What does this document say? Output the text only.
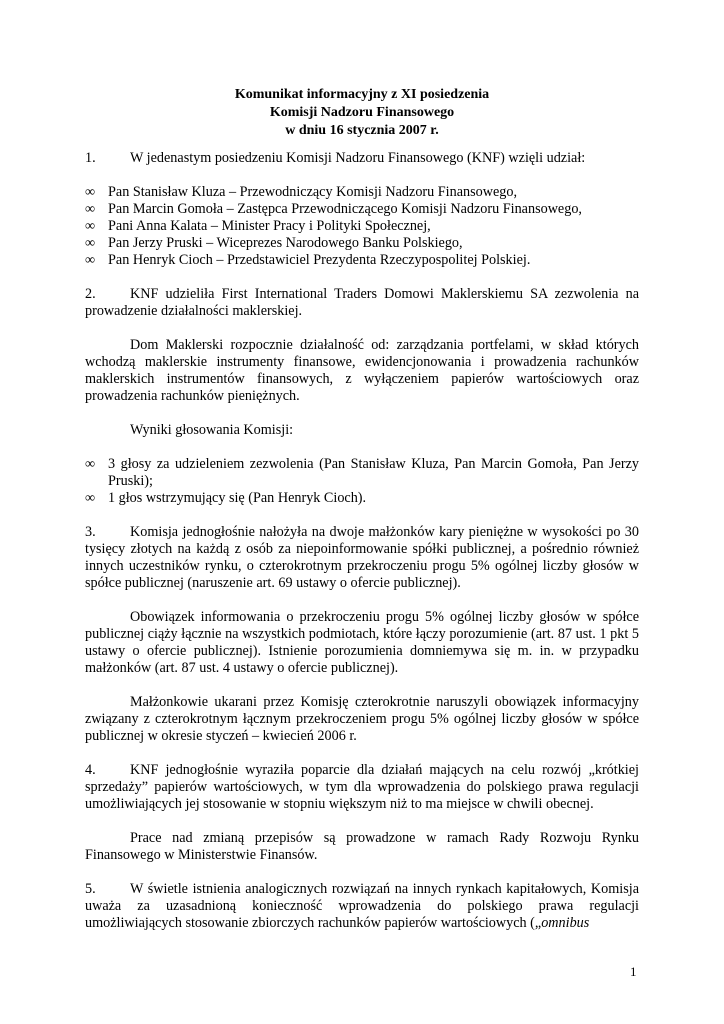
Komunikat informacyjny z XI posiedzenia
Komisji Nadzoru Finansowego
w dniu 16 stycznia 2007 r.

1. W jedenastym posiedzeniu Komisji Nadzoru Finansowego (KNF) wzięli udział:

∞ Pan Stanisław Kluza – Przewodniczący Komisji Nadzoru Finansowego,
∞ Pan Marcin Gomoła – Zastępca Przewodniczącego Komisji Nadzoru Finansowego,
∞ Pani Anna Kalata – Minister Pracy i Polityki Społecznej,
∞ Pan Jerzy Pruski – Wiceprezes Narodowego Banku Polskiego,
∞ Pan Henryk Cioch – Przedstawiciel Prezydenta Rzeczypospolitej Polskiej.

2. KNF udzieliła First International Traders Domowi Maklerskiemu SA zezwolenia na prowadzenie działalności maklerskiej.

Dom Maklerski rozpocznie działalność od: zarządzania portfelami, w skład których wchodzą maklerskie instrumenty finansowe, ewidencjonowania i prowadzenia rachunków maklerskich instrumentów finansowych, z wyłączeniem papierów wartościowych oraz prowadzenia rachunków pieniężnych.

Wyniki głosowania Komisji:

∞ 3 głosy za udzieleniem zezwolenia (Pan Stanisław Kluza, Pan Marcin Gomoła, Pan Jerzy Pruski);
∞ 1 głos wstrzymujący się (Pan Henryk Cioch).

3. Komisja jednogłośnie nałożyła na dwoje małżonków kary pieniężne w wysokości po 30 tysięcy złotych na każdą z osób za niepoinformowanie spółki publicznej, a pośrednio również innych uczestników rynku, o czterokrotnym przekroczeniu progu 5% ogólnej liczby głosów w spółce publicznej (naruszenie art. 69 ustawy o ofercie publicznej).

Obowiązek informowania o przekroczeniu progu 5% ogólnej liczby głosów w spółce publicznej ciąży łącznie na wszystkich podmiotach, które łączy porozumienie (art. 87 ust. 1 pkt 5 ustawy o ofercie publicznej). Istnienie porozumienia domniemywa się m. in. w przypadku małżonków (art. 87 ust. 4 ustawy o ofercie publicznej).

Małżonkowie ukarani przez Komisję czterokrotnie naruszyli obowiązek informacyjny związany z czterokrotnym łącznym przekroczeniem progu 5% ogólnej liczby głosów w spółce publicznej w okresie styczeń – kwiecień 2006 r.

4. KNF jednogłośnie wyraziła poparcie dla działań mających na celu rozwój „krótkiej sprzedaży” papierów wartościowych, w tym dla wprowadzenia do polskiego prawa regulacji umożliwiających jej stosowanie w stopniu większym niż to ma miejsce w chwili obecnej.

Prace nad zmianą przepisów są prowadzone w ramach Rady Rozwoju Rynku Finansowego w Ministerstwie Finansów.

5. W świetle istnienia analogicznych rozwiązań na innych rynkach kapitałowych, Komisja uważa za uzasadnioną konieczność wprowadzenia do polskiego prawa regulacji umożliwiających stosowanie zbiorczych rachunków papierów wartościowych („omnibus

1
